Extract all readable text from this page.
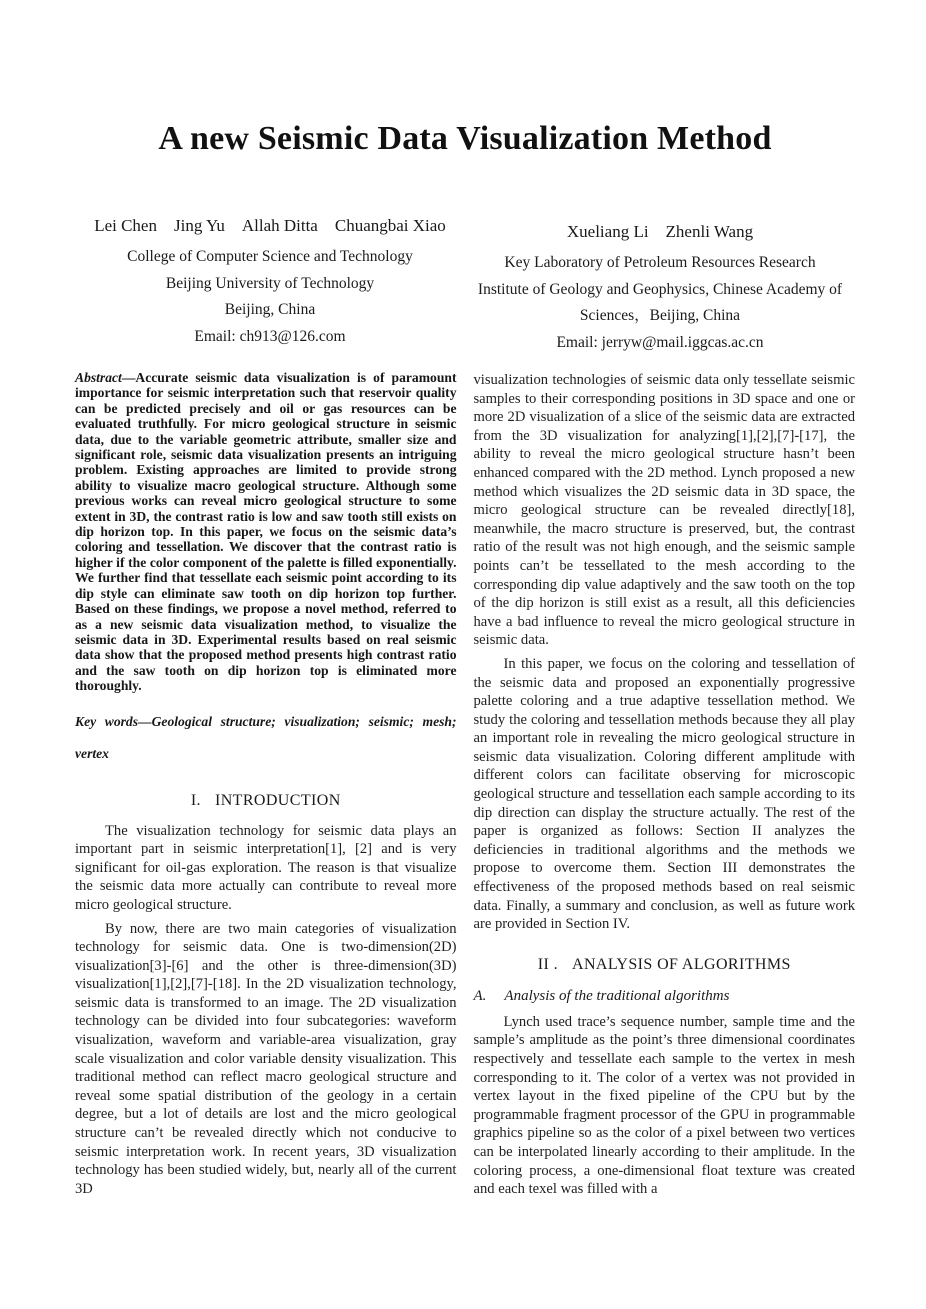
A new Seismic Data Visualization Method
Lei Chen Jing Yu Allah Ditta Chuangbai Xiao
College of Computer Science and Technology
Beijing University of Technology
Beijing, China
Email: ch913@126.com
Xueliang Li Zhenli Wang
Key Laboratory of Petroleum Resources Research
Institute of Geology and Geophysics, Chinese Academy of
Sciences，Beijing, China
Email: jerryw@mail.iggcas.ac.cn

Abstract—Accurate seismic data visualization is of paramount importance for seismic interpretation such that reservoir quality can be predicted precisely and oil or gas resources can be evaluated truthfully. For micro geological structure in seismic data, due to the variable geometric attribute, smaller size and significant role, seismic data visualization presents an intriguing problem. Existing approaches are limited to provide strong ability to visualize macro geological structure. Although some previous works can reveal micro geological structure to some extent in 3D, the contrast ratio is low and saw tooth still exists on dip horizon top. In this paper, we focus on the seismic data’s coloring and tessellation. We discover that the contrast ratio is higher if the color component of the palette is filled exponentially. We further find that tessellate each seismic point according to its dip style can eliminate saw tooth on dip horizon top further. Based on these findings, we propose a novel method, referred to as a new seismic data visualization method, to visualize the seismic data in 3D. Experimental results based on real seismic data show that the proposed method presents high contrast ratio and the saw tooth on dip horizon top is eliminated more thoroughly.

Key words—Geological structure; visualization; seismic; mesh; vertex

I. INTRODUCTION

The visualization technology for seismic data plays an important part in seismic interpretation[1], [2] and is very significant for oil-gas exploration. The reason is that visualize the seismic data more actually can contribute to reveal more micro geological structure.

By now, there are two main categories of visualization technology for seismic data. One is two-dimension(2D) visualization[3]-[6] and the other is three-dimension(3D) visualization[1],[2],[7]-[18]. In the 2D visualization technology, seismic data is transformed to an image. The 2D visualization technology can be divided into four subcategories: waveform visualization, waveform and variable-area visualization, gray scale visualization and color variable density visualization. This traditional method can reflect macro geological structure and reveal some spatial distribution of the geology in a certain degree, but a lot of details are lost and the micro geological structure can’t be revealed directly which not conducive to seismic interpretation work. In recent years, 3D visualization technology has been studied widely, but, nearly all of the current 3D

visualization technologies of seismic data only tessellate seismic samples to their corresponding positions in 3D space and one or more 2D visualization of a slice of the seismic data are extracted from the 3D visualization for analyzing[1],[2],[7]-[17], the ability to reveal the micro geological structure hasn’t been enhanced compared with the 2D method. Lynch proposed a new method which visualizes the 2D seismic data in 3D space, the micro geological structure can be revealed directly[18], meanwhile, the macro structure is preserved, but, the contrast ratio of the result was not high enough, and the seismic sample points can’t be tessellated to the mesh according to the corresponding dip value adaptively and the saw tooth on the top of the dip horizon is still exist as a result, all this deficiencies have a bad influence to reveal the micro geological structure in seismic data.

In this paper, we focus on the coloring and tessellation of the seismic data and proposed an exponentially progressive palette coloring and a true adaptive tessellation method. We study the coloring and tessellation methods because they all play an important role in revealing the micro geological structure in seismic data visualization. Coloring different amplitude with different colors can facilitate observing for microscopic geological structure and tessellation each sample according to its dip direction can display the structure actually. The rest of the paper is organized as follows: Section II analyzes the deficiencies in traditional algorithms and the methods we propose to overcome them. Section III demonstrates the effectiveness of the proposed methods based on real seismic data. Finally, a summary and conclusion, as well as future work are provided in Section IV.

II . ANALYSIS OF ALGORITHMS
A. Analysis of the traditional algorithms

Lynch used trace’s sequence number, sample time and the sample’s amplitude as the point’s three dimensional coordinates respectively and tessellate each sample to the vertex in mesh corresponding to it. The color of a vertex was not provided in vertex layout in the fixed pipeline of the CPU but by the programmable fragment processor of the GPU in programmable graphics pipeline so as the color of a pixel between two vertices can be interpolated linearly according to their amplitude. In the coloring process, a one-dimensional float texture was created and each texel was filled with a
